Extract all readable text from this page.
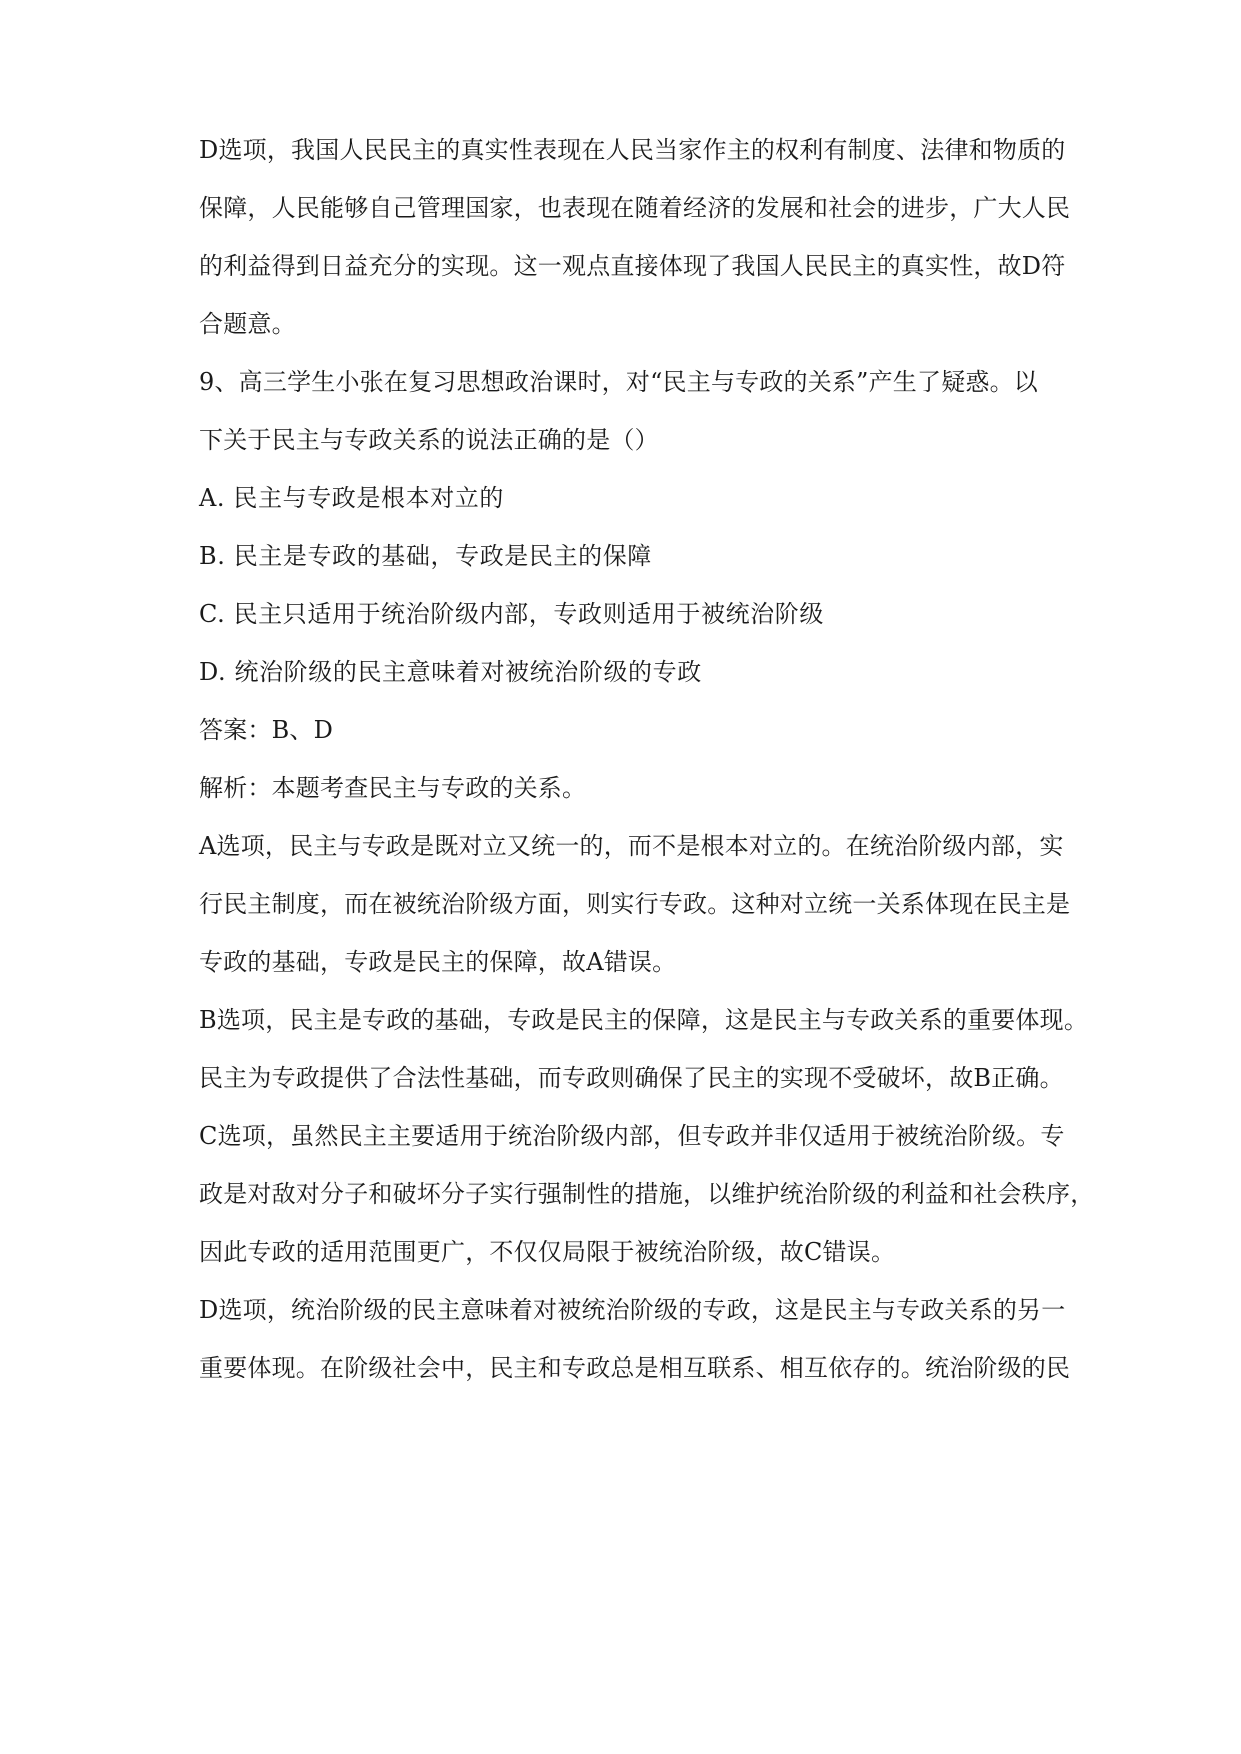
D选项，我国人民民主的真实性表现在人民当家作主的权利有制度、法律和物质的
保障，人民能够自己管理国家，也表现在随着经济的发展和社会的进步，广大人民
的利益得到日益充分的实现。这一观点直接体现了我国人民民主的真实性，故D符
合题意。
9、高三学生小张在复习思想政治课时，对“民主与专政的关系”产生了疑惑。以
下关于民主与专政关系的说法正确的是（）
A. 民主与专政是根本对立的
B. 民主是专政的基础，专政是民主的保障
C. 民主只适用于统治阶级内部，专政则适用于被统治阶级
D. 统治阶级的民主意味着对被统治阶级的专政
答案：B、D
解析：本题考查民主与专政的关系。
A选项，民主与专政是既对立又统一的，而不是根本对立的。在统治阶级内部，实
行民主制度，而在被统治阶级方面，则实行专政。这种对立统一关系体现在民主是
专政的基础，专政是民主的保障，故A错误。
B选项，民主是专政的基础，专政是民主的保障，这是民主与专政关系的重要体现。
民主为专政提供了合法性基础，而专政则确保了民主的实现不受破坏，故B正确。
C选项，虽然民主主要适用于统治阶级内部，但专政并非仅适用于被统治阶级。专
政是对敌对分子和破坏分子实行强制性的措施，以维护统治阶级的利益和社会秩序，
因此专政的适用范围更广，不仅仅局限于被统治阶级，故C错误。
D选项，统治阶级的民主意味着对被统治阶级的专政，这是民主与专政关系的另一
重要体现。在阶级社会中，民主和专政总是相互联系、相互依存的。统治阶级的民
